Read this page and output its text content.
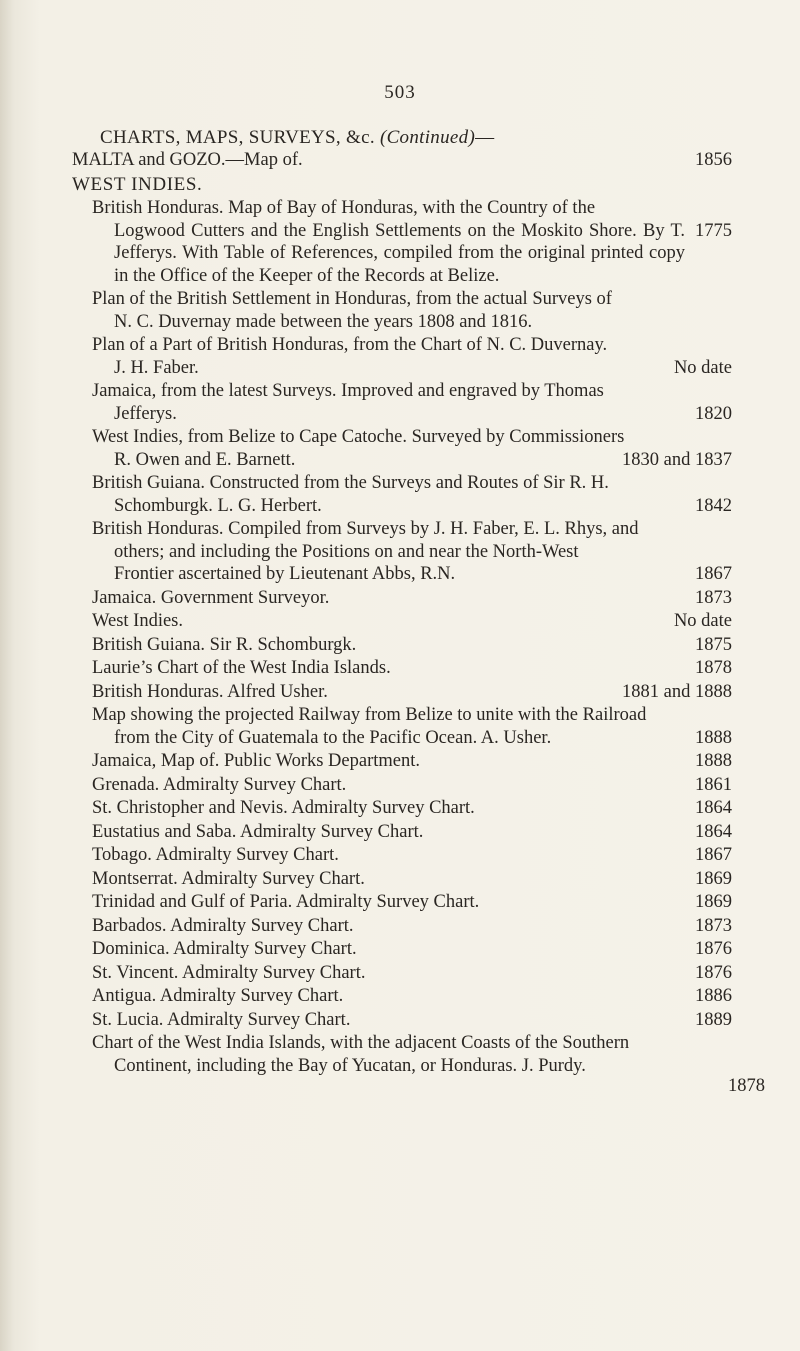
503

CHARTS, MAPS, SURVEYS, &c. (Continued)—

MALTA and GOZO.—Map of.	1856

WEST INDIES.

British Honduras. Map of Bay of Honduras, with the Country of the
Logwood Cutters and the English Settlements on the Moskito Shore. By T. Jefferys. With Table of References, compiled from the original printed copy in the Office of the Keeper of the Records at Belize.
1775

Plan of the British Settlement in Honduras, from the actual Surveys of
N. C. Duvernay made between the years 1808 and 1816.

Plan of a Part of British Honduras, from the Chart of N. C. Duvernay.
J. H. Faber.	No date

Jamaica, from the latest Surveys. Improved and engraved by Thomas
Jefferys.	1820

West Indies, from Belize to Cape Catoche. Surveyed by Commissioners
R. Owen and E. Barnett.	1830 and 1837

British Guiana. Constructed from the Surveys and Routes of Sir R. H.
Schomburgk. L. G. Herbert.	1842

British Honduras. Compiled from Surveys by J. H. Faber, E. L. Rhys, and
others; and including the Positions on and near the North-West
Frontier ascertained by Lieutenant Abbs, R.N.	1867

Jamaica. Government Surveyor.	1873

West Indies.	No date

British Guiana. Sir R. Schomburgk.	1875

Laurie’s Chart of the West India Islands.	1878

British Honduras. Alfred Usher.	1881 and 1888

Map showing the projected Railway from Belize to unite with the Railroad
from the City of Guatemala to the Pacific Ocean. A. Usher.	1888

Jamaica, Map of. Public Works Department.	1888

Grenada. Admiralty Survey Chart.	1861

St. Christopher and Nevis. Admiralty Survey Chart.	1864

Eustatius and Saba. Admiralty Survey Chart.	1864

Tobago. Admiralty Survey Chart.	1867

Montserrat. Admiralty Survey Chart.	1869

Trinidad and Gulf of Paria. Admiralty Survey Chart.	1869

Barbados. Admiralty Survey Chart.	1873

Dominica. Admiralty Survey Chart.	1876

St. Vincent. Admiralty Survey Chart.	1876

Antigua. Admiralty Survey Chart.	1886

St. Lucia. Admiralty Survey Chart.	1889

Chart of the West India Islands, with the adjacent Coasts of the Southern
Continent, including the Bay of Yucatan, or Honduras. J. Purdy.
1878
